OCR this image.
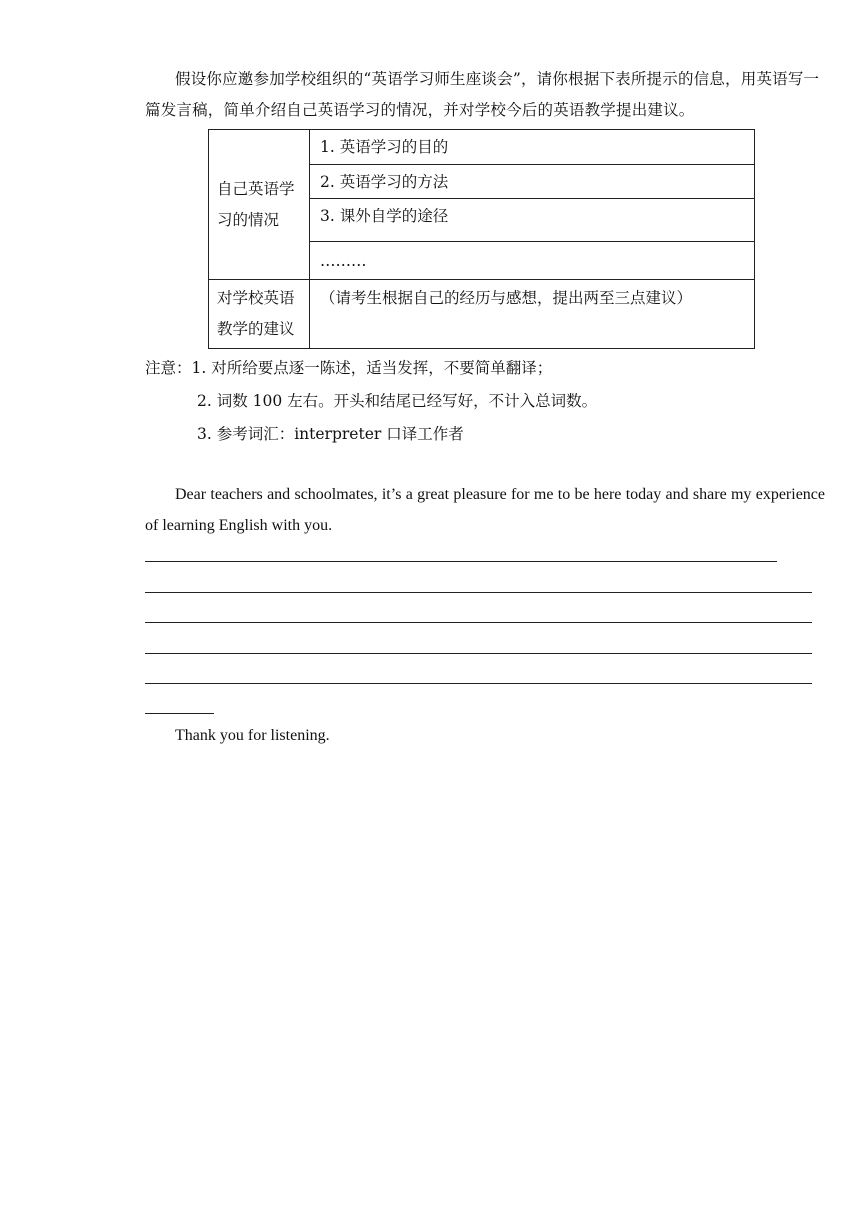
假设你应邀参加学校组织的“英语学习师生座谈会”，请你根据下表所提示的信息，用英语写一篇发言稿，简单介绍自己英语学习的情况，并对学校今后的英语教学提出建议。
自己英语学习的情况	1. 英语学习的目的
	2. 英语学习的方法
	3. 课外自学的途径
	………
对学校英语教学的建议	（请考生根据自己的经历与感想，提出两至三点建议）
注意：1. 对所给要点逐一陈述，适当发挥，不要简单翻译；
2. 词数 100 左右。开头和结尾已经写好，不计入总词数。
3. 参考词汇：interpreter 口译工作者
Dear teachers and schoolmates, it’s a great pleasure for me to be here today and share my experience of learning English with you.
Thank you for listening.
